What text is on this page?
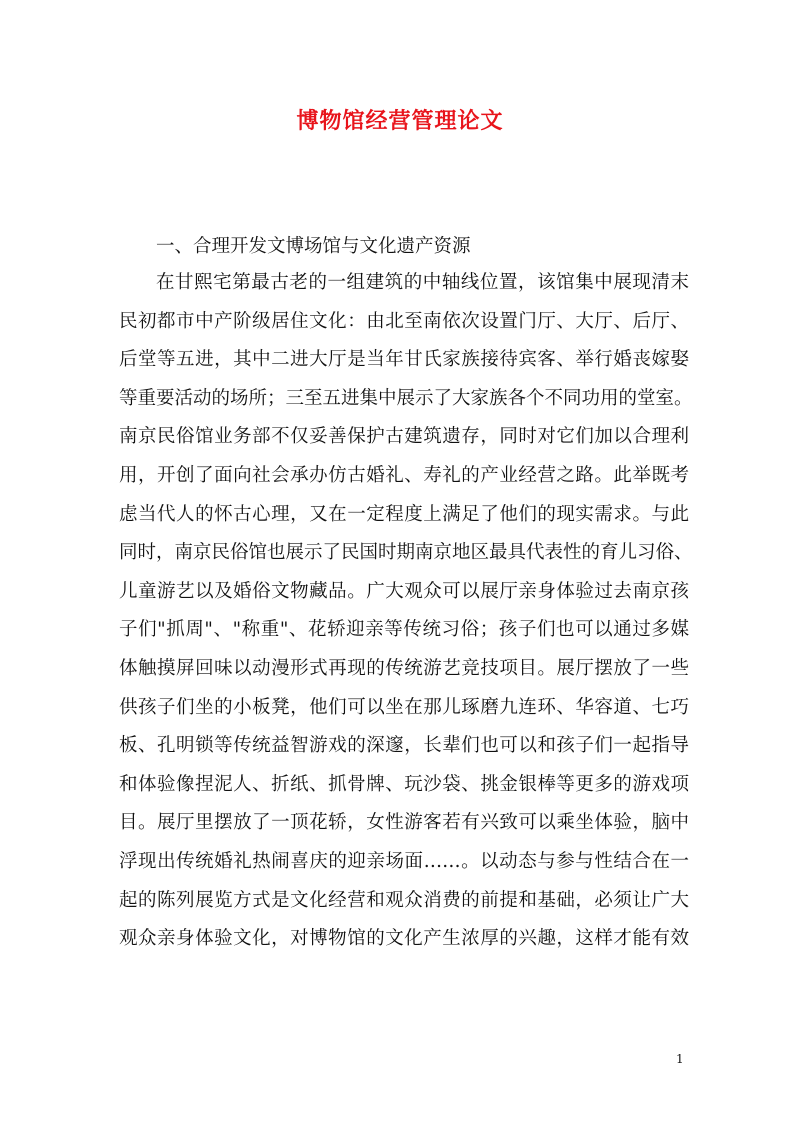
博物馆经营管理论文

一、合理开发文博场馆与文化遗产资源

在甘熙宅第最古老的一组建筑的中轴线位置，该馆集中展现清末
民初都市中产阶级居住文化：由北至南依次设置门厅、大厅、后厅、
后堂等五进，其中二进大厅是当年甘氏家族接待宾客、举行婚丧嫁娶
等重要活动的场所；三至五进集中展示了大家族各个不同功用的堂室。
南京民俗馆业务部不仅妥善保护古建筑遗存，同时对它们加以合理利
用，开创了面向社会承办仿古婚礼、寿礼的产业经营之路。此举既考
虑当代人的怀古心理，又在一定程度上满足了他们的现实需求。与此
同时，南京民俗馆也展示了民国时期南京地区最具代表性的育儿习俗、
儿童游艺以及婚俗文物藏品。广大观众可以展厅亲身体验过去南京孩
子们"抓周"、"称重"、花轿迎亲等传统习俗；孩子们也可以通过多媒
体触摸屏回味以动漫形式再现的传统游艺竞技项目。展厅摆放了一些
供孩子们坐的小板凳，他们可以坐在那儿琢磨九连环、华容道、七巧
板、孔明锁等传统益智游戏的深邃，长辈们也可以和孩子们一起指导
和体验像捏泥人、折纸、抓骨牌、玩沙袋、挑金银棒等更多的游戏项
目。展厅里摆放了一顶花轿，女性游客若有兴致可以乘坐体验，脑中
浮现出传统婚礼热闹喜庆的迎亲场面……。以动态与参与性结合在一
起的陈列展览方式是文化经营和观众消费的前提和基础，必须让广大
观众亲身体验文化，对博物馆的文化产生浓厚的兴趣，这样才能有效

1
